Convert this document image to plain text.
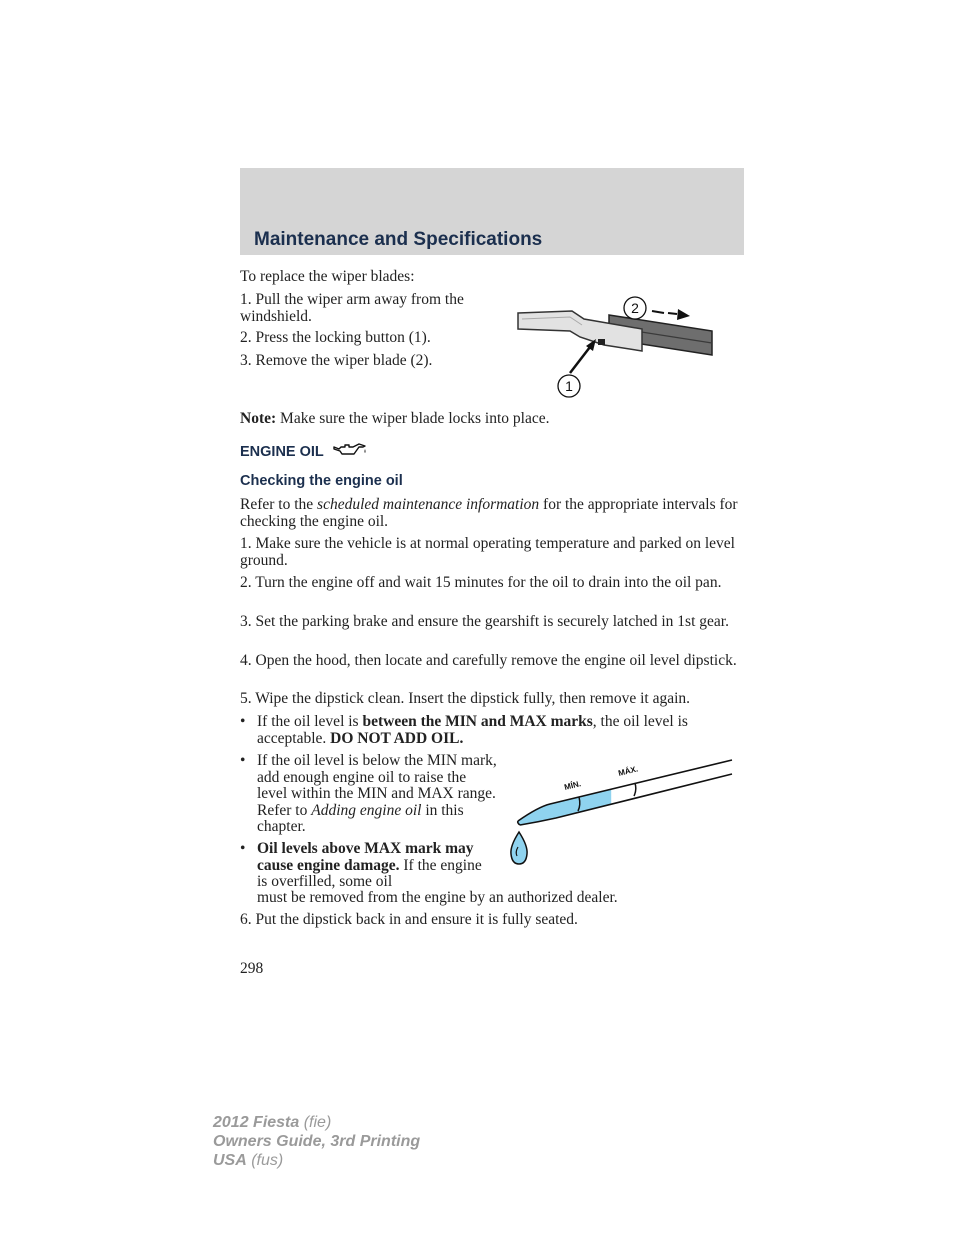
Maintenance and Specifications

To replace the wiper blades:

1. Pull the wiper arm away from the windshield.

2. Press the locking button (1).

3. Remove the wiper blade (2).

1
2

Note: Make sure the wiper blade locks into place.

ENGINE OIL
Checking the engine oil

Refer to the scheduled maintenance information for the appropriate intervals for checking the engine oil.

1. Make sure the vehicle is at normal operating temperature and parked on level ground.

2. Turn the engine off and wait 15 minutes for the oil to drain into the oil pan.

3. Set the parking brake and ensure the gearshift is securely latched in 1st gear.

4. Open the hood, then locate and carefully remove the engine oil level dipstick.

5. Wipe the dipstick clean. Insert the dipstick fully, then remove it again.

• If the oil level is between the MIN and MAX marks, the oil level is acceptable. DO NOT ADD OIL.

• If the oil level is below the MIN mark, add enough engine oil to raise the level within the MIN and MAX range. Refer to Adding engine oil in this chapter.

• Oil levels above MAX mark may cause engine damage. If the engine is overfilled, some oil

must be removed from the engine by an authorized dealer.

MÍN.
MÁX.

6. Put the dipstick back in and ensure it is fully seated.

298

2012 Fiesta (fie)
Owners Guide, 3rd Printing
USA (fus)
